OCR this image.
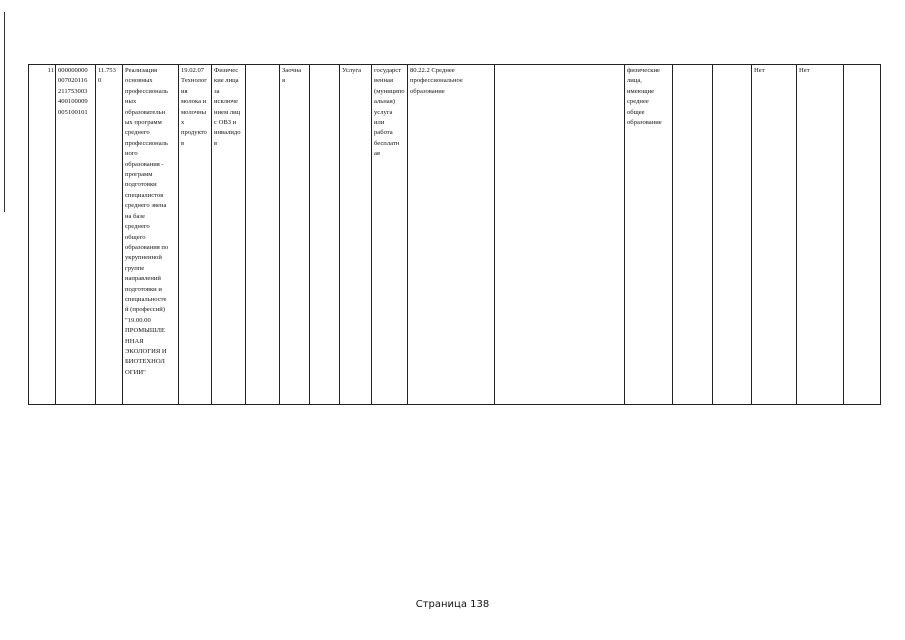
11	000000000
007020116
211753003
400100009
005100101	11.753
0	Реализация
основных
профессиональ
ных
образовательн
ых программ
среднего
профессиональ
ного
образования -
программ
подготовки
специалистов
среднего звена
на базе
среднего
общего
образования по
укрупненной
группе
направлений
подготовки и
специальносте
й (профессий)
"19.00.00
ПРОМЫШЛЕ
ННАЯ
ЭКОЛОГИЯ И
БИОТЕХНОЛ
ОГИИ"	19.02.07
Технолог
ия
молока и
молочны
х
продукто
в	Физичес
кие лица
за
исключе
нием лиц
с ОВЗ и
инвалидо
в		Заочна
я		Услуга	государст
венная
(муниципо
альная)
услуга
или
работа
бесплатн
ая	80.22.2 Среднее
профессиональное
образование		физические
лица,
имеющие
среднее
общее
образование			Нет	Нет	
Страница 138
